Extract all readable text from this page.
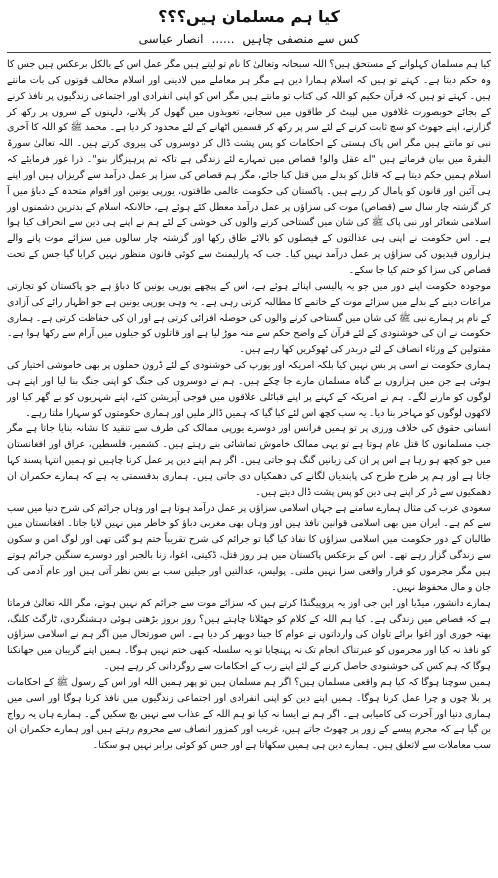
کیا ہم مسلمان ہیں؟؟؟
کس سے منصفی چاہیں
......
انصار عباسی

کیا ہم مسلمان کہلوانے کے مستحق ہیں؟ اللہ سبحانہ وتعالیٰ کا نام تو لیتے ہیں مگر عمل اس کے بالکل برعکس ہیں جس کا وہ حکم دیتا ہے۔ کہتے تو ہیں کہ اسلام ہمارا دین ہے مگر ہر معاملے میں لادینی اور اسلام مخالف قوتوں کی بات مانتے ہیں۔ کہتے تو ہیں کہ قرآن حکیم کو اللہ کی کتاب تو مانتے ہیں مگر اس کو اپنی انفرادی اور اجتماعی زندگیوں پر نافذ کرنے کے بجائے خوبصورت غلافوں میں لپیٹ کر طاقوں میں سجانے، تعویذوں میں گھول کر پلانے، دلہنوں کے سروں پر رکھ کر گزارنے، اپنے جھوٹ کو سچ ثابت کرنے کے لئے سر پر رکھ کر قسمیں اٹھانے کے لئے محدود کر دیا ہے۔ محمد ﷺ کو اللہ کا آخری نبی تو مانتے ہیں مگر اس پاک ہستی کے احکامات کو پس پشت ڈال کر دوسروں کی پیروی کرتے ہیں۔ اللہ تعالیٰ سورۃ البقرۃ میں بیان فرماتے ہیں "اے عقل والو! قصاص میں تمہارے لئے زندگی ہے تاکہ تم پرہیزگار بنو"۔ ذرا غور فرمایئے کہ اسلام ہمیں حکم دیتا ہے کہ قاتل کو بدلے میں قتل کیا جائے، مگر ہم قصاص کی سزا پر عمل درآمد سے گریزاں ہیں اور اپنے ہی آئین اور قانون کو پامال کر رہے ہیں۔ پاکستان کی حکومت عالمی طاقتوں، یورپی یونین اور اقوام متحدہ کے دباؤ میں آ کر گزشتہ چار سال سے (قصاص) موت کی سزاؤں پر عمل درآمد معطل کئے ہوئے ہے، حالانکہ اسلام کے بدترین دشمنوں اور اسلامی شعائر اور نبی پاک ﷺ کی شان میں گستاخی کرنے والوں کی خوشی کے لئے ہم نے اپنے ہی دین سے انحراف کیا ہوا ہے۔ اس حکومت نے اپنی ہی عدالتوں کے فیصلوں کو بالائے طاق رکھا اور گزشتہ چار سالوں میں سزائے موت پانے والے ہزاروں قیدیوں کی سزاؤں پر عمل درآمد نہیں کیا۔ جب کہ پارلیمنٹ سے کوئی قانون منظور نہیں کرایا گیا جس کے تحت قصاص کی سزا کو ختم کیا جا سکے۔

موجودہ حکومت اپنے دور میں جو یہ پالیسی اپنائے ہوئے ہے، اس کے پیچھے یورپی یونین کا دباؤ ہے جو پاکستان کو تجارتی مراعات دینے کے بدلے میں سزائے موت کے خاتمے کا مطالبہ کرتی رہی ہے۔ یہ وہی یورپی یونین ہے جو اظہار رائے کی آزادی کے نام پر ہمارے نبی ﷺ کی شان میں گستاخی کرنے والوں کی حوصلہ افزائی کرتی ہے اور ان کی حفاظت کرتی ہے۔ ہماری حکومت نے ان کی خوشنودی کے لئے قرآن کے واضح حکم سے منہ موڑ لیا ہے اور قاتلوں کو جیلوں میں آرام سے رکھا ہوا ہے۔ مقتولین کے ورثاء انصاف کے لئے دربدر کی ٹھوکریں کھا رہے ہیں۔

ہماری حکومت نے اسی پر بس نہیں کیا بلکہ امریکہ اور یورپ کی خوشنودی کے لئے ڈرون حملوں پر بھی خاموشی اختیار کی ہوئی ہے جن میں ہزاروں بے گناہ مسلمان مارے جا چکے ہیں۔ ہم نے دوسروں کی جنگ کو اپنی جنگ بنا لیا اور اپنے ہی لوگوں کو مارنے لگے۔ ہم نے امریکہ کے کہنے پر اپنے قبائلی علاقوں میں فوجی آپریشن کئے، اپنے شہریوں کو بے گھر کیا اور لاکھوں لوگوں کو مہاجر بنا دیا۔ یہ سب کچھ اس لئے کیا گیا کہ ہمیں ڈالر ملیں اور ہماری حکومتوں کو سہارا ملتا رہے۔

انسانی حقوق کی خلاف ورزی پر تو ہمیں فرانس اور دوسرے یورپی ممالک کی طرف سے تنقید کا نشانہ بنایا جاتا ہے مگر جب مسلمانوں کا قتل عام ہوتا ہے تو یہی ممالک خاموش تماشائی بنے رہتے ہیں۔ کشمیر، فلسطین، عراق اور افغانستان میں جو کچھ ہو رہا ہے اس پر ان کی زبانیں گنگ ہو جاتی ہیں۔ اگر ہم اپنے دین پر عمل کرنا چاہیں تو ہمیں انتہا پسند کہا جاتا ہے اور ہم پر طرح طرح کی پابندیاں لگانے کی دھمکیاں دی جاتی ہیں۔ ہماری بدقسمتی یہ ہے کہ ہمارے حکمران ان دھمکیوں سے ڈر کر اپنے ہی دین کو پس پشت ڈال دیتے ہیں۔

سعودی عرب کی مثال ہمارے سامنے ہے جہاں اسلامی سزاؤں پر عمل درآمد ہوتا ہے اور وہاں جرائم کی شرح دنیا میں سب سے کم ہے۔ ایران میں بھی اسلامی قوانین نافذ ہیں اور وہاں بھی مغربی دباؤ کو خاطر میں نہیں لایا جاتا۔ افغانستان میں طالبان کے دور حکومت میں اسلامی سزاؤں کا نفاذ کیا گیا تو جرائم کی شرح تقریباً ختم ہو گئی تھی اور لوگ امن و سکون سے زندگی گزار رہے تھے۔ اس کے برعکس پاکستان میں ہر روز قتل، ڈکیتی، اغوا، زنا بالجبر اور دوسرے سنگین جرائم ہوتے ہیں مگر مجرموں کو قرار واقعی سزا نہیں ملتی۔ پولیس، عدالتیں اور جیلیں سب بے بس نظر آتی ہیں اور عام آدمی کی جان و مال محفوظ نہیں۔

ہمارے دانشور، میڈیا اور این جی اوز یہ پروپیگنڈا کرتے ہیں کہ سزائے موت سے جرائم کم نہیں ہوتے، مگر اللہ تعالیٰ فرماتا ہے کہ قصاص میں زندگی ہے۔ کیا ہم اللہ کے کلام کو جھٹلانا چاہتے ہیں؟ روز بروز بڑھتی ہوئی دہشتگردی، ٹارگٹ کلنگ، بھتہ خوری اور اغوا برائے تاوان کی وارداتوں نے عوام کا جینا دوبھر کر دیا ہے۔ اس صورتحال میں اگر ہم نے اسلامی سزاؤں کو نافذ نہ کیا اور مجرموں کو عبرتناک انجام تک نہ پہنچایا تو یہ سلسلہ کبھی ختم نہیں ہوگا۔ ہمیں اپنے گریبان میں جھانکنا ہوگا کہ ہم کس کی خوشنودی حاصل کرنے کے لئے اپنے رب کے احکامات سے روگردانی کر رہے ہیں۔

ہمیں سوچنا ہوگا کہ کیا ہم واقعی مسلمان ہیں؟ اگر ہم مسلمان ہیں تو پھر ہمیں اللہ اور اس کے رسول ﷺ کے احکامات پر بلا چوں و چرا عمل کرنا ہوگا۔ ہمیں اپنے دین کو اپنی انفرادی اور اجتماعی زندگیوں میں نافذ کرنا ہوگا اور اسی میں ہماری دنیا اور آخرت کی کامیابی ہے۔ اگر ہم نے ایسا نہ کیا تو ہم اللہ کے عذاب سے نہیں بچ سکیں گے۔ ہمارے ہاں یہ رواج بن گیا ہے کہ مجرم پیسے کے زور پر چھوٹ جاتے ہیں، غریب اور کمزور انصاف سے محروم رہتے ہیں اور ہمارے حکمران ان سب معاملات سے لاتعلق ہیں۔ ہمارے دین ہی ہمیں سکھاتا ہے اور جس کو کوئی برابر نہیں ہو سکتا۔
